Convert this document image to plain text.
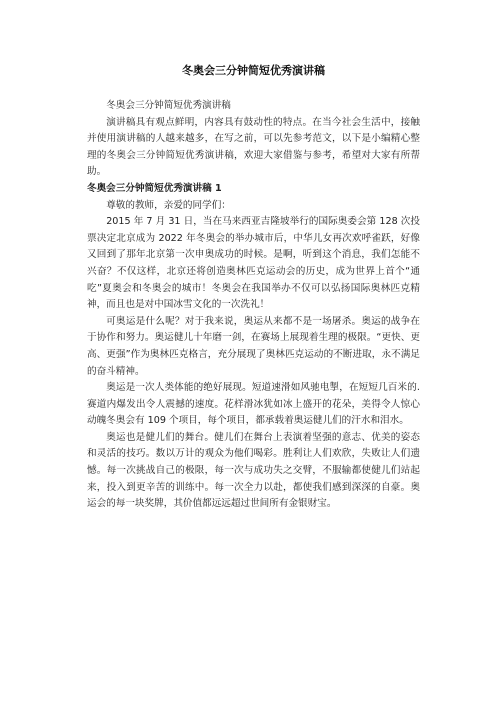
冬奥会三分钟简短优秀演讲稿

冬奥会三分钟简短优秀演讲稿

演讲稿具有观点鲜明，内容具有鼓动性的特点。在当今社会生活中，接触并使用演讲稿的人越来越多，在写之前，可以先参考范文，以下是小编精心整理的冬奥会三分钟简短优秀演讲稿，欢迎大家借鉴与参考，希望对大家有所帮助。

冬奥会三分钟简短优秀演讲稿 1

尊敬的教师，亲爱的同学们：

2015 年 7 月 31 日，当在马来西亚吉隆坡举行的国际奥委会第 128 次投票决定北京成为 2022 年冬奥会的举办城市后，中华儿女再次欢呼雀跃，好像又回到了那年北京第一次申奥成功的时候。是啊，听到这个消息，我们怎能不兴奋？不仅这样，北京还将创造奥林匹克运动会的历史，成为世界上首个“通吃”夏奥会和冬奥会的城市！冬奥会在我国举办不仅可以弘扬国际奥林匹克精神，而且也是对中国冰雪文化的一次洗礼！

可奥运是什么呢？对于我来说，奥运从来都不是一场屠杀。奥运的战争在于协作和努力。奥运健儿十年磨一剑，在赛场上展现着生理的极限。“更快、更高、更强”作为奥林匹克格言，充分展现了奥林匹克运动的不断进取，永不满足的奋斗精神。

奥运是一次人类体能的绝好展现。短道速滑如风驰电掣，在短短几百米的.赛道内爆发出令人震撼的速度。花样滑冰犹如冰上盛开的花朵，美得令人惊心动魄冬奥会有 109 个项目，每个项目，都承载着奥运健儿们的汗水和泪水。

奥运也是健儿们的舞台。健儿们在舞台上表演着坚强的意志、优美的姿态和灵活的技巧。数以万计的观众为他们喝彩。胜利让人们欢欣，失败让人们遗憾。每一次挑战自己的极限，每一次与成功失之交臂，不服输都使健儿们站起来，投入到更辛苦的训练中。每一次全力以赴，都使我们感到深深的自豪。奥运会的每一块奖牌，其价值都远远超过世间所有金银财宝。
